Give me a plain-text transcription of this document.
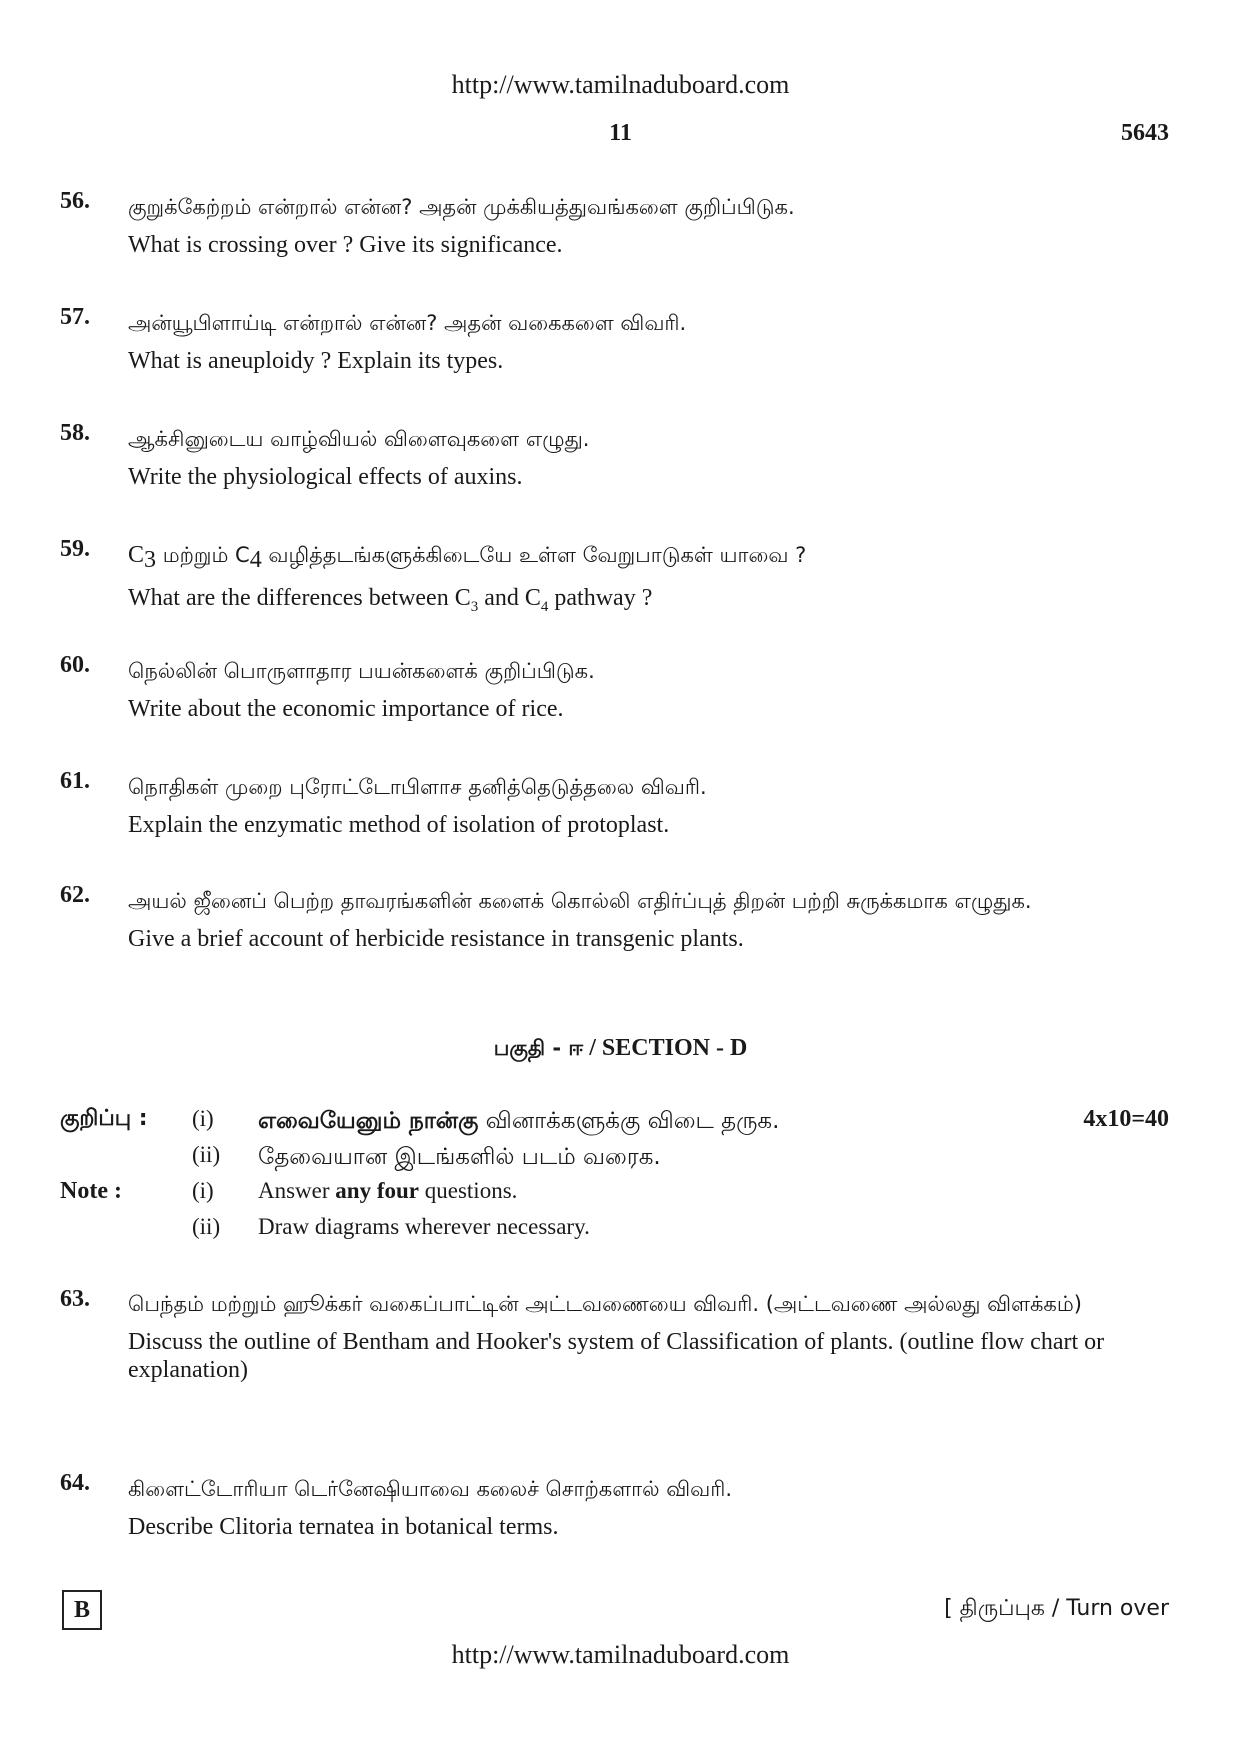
http://www.tamilnaduboard.com
11	5643
56. குறுக்கேற்றம் என்றால் என்ன? அதன் முக்கியத்துவங்களை குறிப்பிடுக.
What is crossing over ? Give its significance.
57. அன்யூபிளாய்டி என்றால் என்ன? அதன் வகைகளை விவரி.
What is aneuploidy ? Explain its types.
58. ஆக்சினுடைய வாழ்வியல் விளைவுகளை எழுது.
Write the physiological effects of auxins.
59. $C_3$ மற்றும் $C_4$ வழித்தடங்களுக்கிடையே உள்ள வேறுபாடுகள் யாவை ?
What are the differences between $C_3$ and $C_4$ pathway ?
60. நெல்லின் பொருளாதார பயன்களைக் குறிப்பிடுக.
Write about the economic importance of rice.
61. நொதிகள் முறை புரோட்டோபிளாச தனித்தெடுத்தலை விவரி.
Explain the enzymatic method of isolation of protoplast.
62. அயல் ஜீனைப் பெற்ற தாவரங்களின் களைக் கொல்லி எதிர்ப்புத் திறன் பற்றி சுருக்கமாக எழுதுக.
Give a brief account of herbicide resistance in transgenic plants.
பகுதி - ஈ / SECTION - D
குறிப்பு : (i) எவையேனும் நான்கு வினாக்களுக்கு விடை தருக.	4x10=40
(ii) தேவையான இடங்களில் படம் வரைக.
Note :	(i) Answer any four questions.
(ii) Draw diagrams wherever necessary.
63. பெந்தம் மற்றும் ஹூக்கர் வகைப்பாட்டின் அட்டவணையை விவரி. (அட்டவணை அல்லது விளக்கம்)
Discuss the outline of Bentham and Hooker's system of Classification of plants. (outline flow chart or explanation)
64. கிளைட்டோரியா டெர்னேஷியாவை கலைச் சொற்களால் விவரி.
Describe Clitoria ternatea in botanical terms.
B	[ திருப்புக / Turn over
http://www.tamilnaduboard.com
